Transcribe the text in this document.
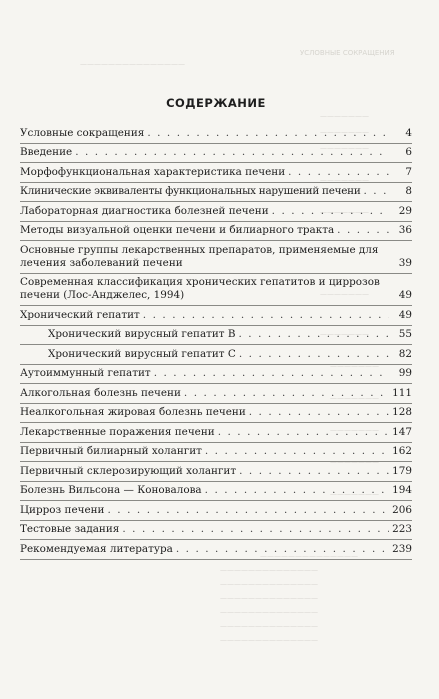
УСЛОВНЫЕ СОКРАЩЕНИЯ
———————————————
———————
———————
———————
———————
———————
———————
———————
———————
———————
———————
———————
———————
——————————————
——————————————
——————————————
——————————————
——————————————
——————————————
——————————————
СОДЕРЖАНИЕ
Условные сокращения . . .	4
Введение . . .	6
Морфофункциональная характеристика печени . . .	7
Клинические эквиваленты функциональных нарушений печени . . .	8
Лабораторная диагностика болезней печени . . .	29
Методы визуальной оценки печени и билиарного тракта . . .	36
Основные группы лекарственных препаратов, применяемые для лечения заболеваний печени	39
Современная классификация хронических гепатитов и циррозов печени (Лос-Анджелес, 1994)	49
Хронический гепатит . . .	49
Хронический вирусный гепатит B . . .	55
Хронический вирусный гепатит C . . .	82
Аутоиммунный гепатит . . .	99
Алкогольная болезнь печени . . .	111
Неалкогольная жировая болезнь печени . . .	128
Лекарственные поражения печени . . .	147
Первичный билиарный холангит . . .	162
Первичный склерозирующий холангит . . .	179
Болезнь Вильсона — Коновалова . . .	194
Цирроз печени . . .	206
Тестовые задания . . .	223
Рекомендуемая литература . . .	239
